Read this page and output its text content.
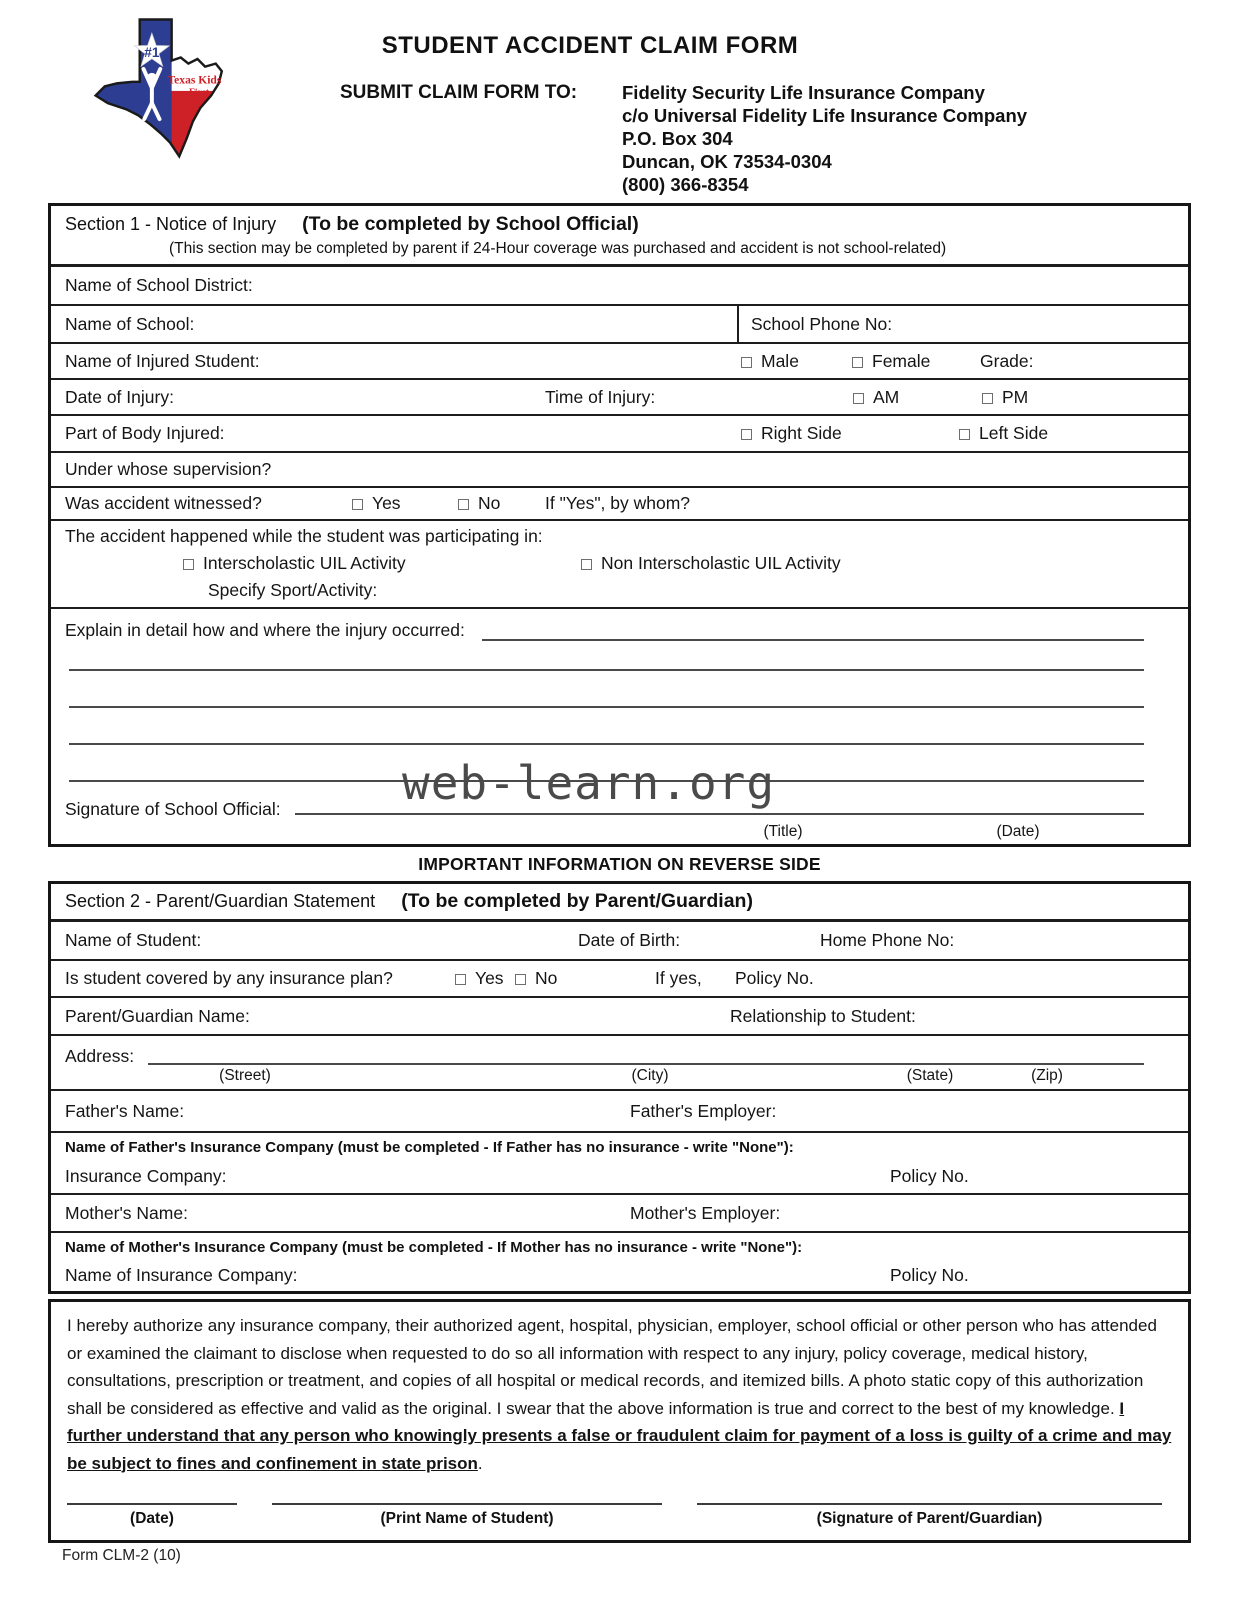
#1
Texas Kids
First
STUDENT ACCIDENT CLAIM FORM
SUBMIT CLAIM FORM TO: Fidelity Security Life Insurance Company
c/o Universal Fidelity Life Insurance Company
P.O. Box 304
Duncan, OK 73534-0304
(800) 366-8354
Section 1 - Notice of Injury (To be completed by School Official)
(This section may be completed by parent if 24-Hour coverage was purchased and accident is not school-related)
Name of School District:
Name of School:	School Phone No:
Name of Injured Student:	Male	Female	Grade:
Date of Injury:	Time of Injury:	AM	PM
Part of Body Injured:	Right Side	Left Side
Under whose supervision?
Was accident witnessed?	Yes	No	If "Yes", by whom?
The accident happened while the student was participating in:
Interscholastic UIL Activity	Non Interscholastic UIL Activity
Specify Sport/Activity:
Explain in detail how and where the injury occurred:
Signature of School Official:
(Title)	(Date)
web-learn.org
IMPORTANT INFORMATION ON REVERSE SIDE
Section 2 - Parent/Guardian Statement (To be completed by Parent/Guardian)
Name of Student:	Date of Birth:	Home Phone No:
Is student covered by any insurance plan?	Yes	No	If yes, Policy No.
Parent/Guardian Name:	Relationship to Student:
Address:
(Street)	(City)	(State)	(Zip)
Father's Name:	Father's Employer:
Name of Father's Insurance Company (must be completed - If Father has no insurance - write "None"):
Insurance Company:	Policy No.
Mother's Name:	Mother's Employer:
Name of Mother's Insurance Company (must be completed - If Mother has no insurance - write "None"):
Name of Insurance Company:	Policy No.
I hereby authorize any insurance company, their authorized agent, hospital, physician, employer, school official or other person who has attended or examined the claimant to disclose when requested to do so all information with respect to any injury, policy coverage, medical history, consultations, prescription or treatment, and copies of all hospital or medical records, and itemized bills. A photo static copy of this authorization shall be considered as effective and valid as the original. I swear that the above information is true and correct to the best of my knowledge. I further understand that any person who knowingly presents a false or fraudulent claim for payment of a loss is guilty of a crime and may be subject to fines and confinement in state prison.
(Date)	(Print Name of Student)	(Signature of Parent/Guardian)
Form CLM-2 (10)
